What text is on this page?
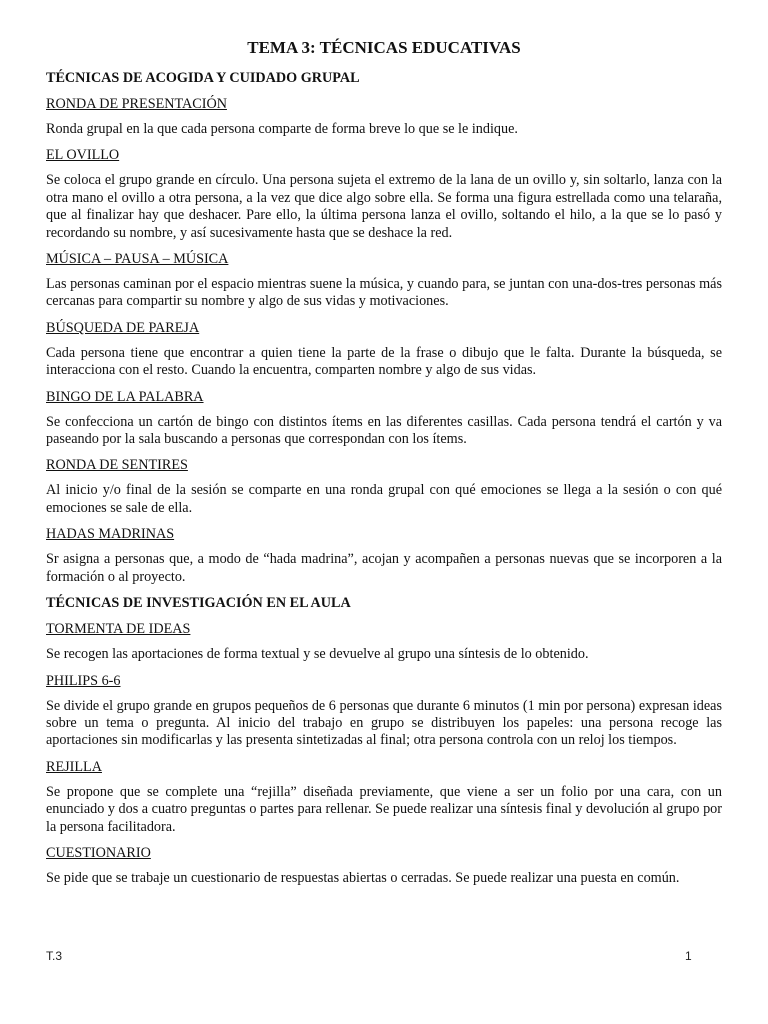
TEMA 3: TÉCNICAS EDUCATIVAS
TÉCNICAS DE ACOGIDA Y CUIDADO GRUPAL
RONDA DE PRESENTACIÓN

Ronda grupal en la que cada persona comparte de forma breve lo que se le indique.

EL OVILLO

Se coloca el grupo grande en círculo. Una persona sujeta el extremo de la lana de un ovillo y, sin soltarlo, lanza con la otra mano el ovillo a otra persona, a la vez que dice algo sobre ella. Se forma una figura estrellada como una telaraña, que al finalizar hay que deshacer. Pare ello, la última persona lanza el ovillo, soltando el hilo, a la que se lo pasó y recordando su nombre, y así sucesivamente hasta que se deshace la red.

MÚSICA – PAUSA – MÚSICA

Las personas caminan por el espacio mientras suene la música, y cuando para, se juntan con una-dos-tres personas más cercanas para compartir su nombre y algo de sus vidas y motivaciones.

BÚSQUEDA DE PAREJA

Cada persona tiene que encontrar a quien tiene la parte de la frase o dibujo que le falta. Durante la búsqueda, se interacciona con el resto. Cuando la encuentra, comparten nombre y algo de sus vidas.

BINGO DE LA PALABRA

Se confecciona un cartón de bingo con distintos ítems en las diferentes casillas. Cada persona tendrá el cartón y va paseando por la sala buscando a personas que correspondan con los ítems.

RONDA DE SENTIRES

Al inicio y/o final de la sesión se comparte en una ronda grupal con qué emociones se llega a la sesión o con qué emociones se sale de ella.

HADAS MADRINAS

Sr asigna a personas que, a modo de “hada madrina”, acojan y acompañen a personas nuevas que se incorporen a la formación o al proyecto.

TÉCNICAS DE INVESTIGACIÓN EN EL AULA
TORMENTA DE IDEAS

Se recogen las aportaciones de forma textual y se devuelve al grupo una síntesis de lo obtenido.

PHILIPS 6-6

Se divide el grupo grande en grupos pequeños de 6 personas que durante 6 minutos (1 min por persona) expresan ideas sobre un tema o pregunta. Al inicio del trabajo en grupo se distribuyen los papeles: una persona recoge las aportaciones sin modificarlas y las presenta sintetizadas al final; otra persona controla con un reloj los tiempos.

REJILLA

Se propone que se complete una “rejilla” diseñada previamente, que viene a ser un folio por una cara, con un enunciado y dos a cuatro preguntas o partes para rellenar. Se puede realizar una síntesis final y devolución al grupo por la persona facilitadora.

CUESTIONARIO

Se pide que se trabaje un cuestionario de respuestas abiertas o cerradas. Se puede realizar una puesta en común.

T.3	1
